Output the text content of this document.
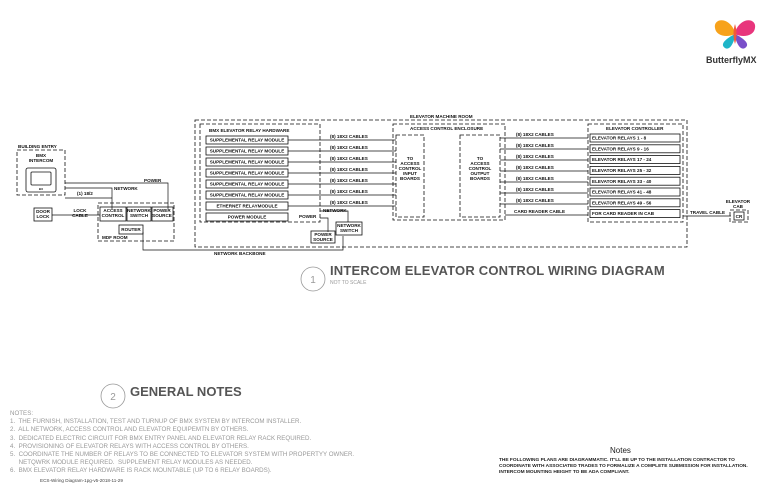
BUILDING ENTRY
BMX INTERCOM
BX
DOOR LOCK
LOCK CABLE
(1) 18/2
NETWORK
POWER
ACCESS CONTROL
NETWORK SWITCH
POWER SOURCE
ROUTER
MDF ROOM
NETWORK BACKBONE
ELEVATOR MACHINE ROOM
BMX ELEVATOR RELAY HARDWARE
SUPPLEMENTAL RELAY MODULE
SUPPLEMENTAL RELAY MODULE
SUPPLEMENTAL RELAY MODULE
SUPPLEMENTAL RELAY MODULE
SUPPLEMENTAL RELAY MODULE
SUPPLEMENTAL RELAY MODULE
ETHERNET RELAYMODULE
POWER MODULE
(8) 18X2 CABLES
(8) 18X2 CABLES
(8) 18X2 CABLES
(8) 18X2 CABLES
(8) 18X2 CABLES
(8) 18X2 CABLES
(8) 18X2 CABLES
ACCESS CONTROL ENCLOSURE
TO ACCESS CONTROL INPUT BOARDS
TO ACCESS CONTROL OUTPUT BOARDS
(8) 18X2 CABLES
(8) 18X2 CABLES
(8) 18X2 CABLES
(8) 18X2 CABLES
(8) 18X2 CABLES
(8) 18X2 CABLES
(8) 18X2 CABLES
CARD READER CABLE
ELEVATOR CONTROLLER
ELEVATOR RELAYS 1 - 8
ELEVATOR RELAYS 9 - 16
ELEVATOR RELAYS 17 - 24
ELEVATOR RELAYS 25 - 32
ELEVATOR RELAYS 33 - 40
ELEVATOR RELAYS 41 - 48
ELEVATOR RELAYS 49 - 56
FOR CARD READER IN CAB
POWER
NETWORK
POWER SOURCE
NETWORK SWITCH
TRAVEL CABLE
ELEVATOR CAB
CR
1
2
ButterflyMX
INTERCOM ELEVATOR CONTROL WIRING DIAGRAM
NOT TO SCALE
GENERAL NOTES
NOTES:
1.  THE FURNISH, INSTALLATION, TEST AND TURNUP OF BMX SYSTEM BY INTERCOM INSTALLER.
2.  ALL NETWORK, ACCESS CONTROL AND ELEVATOR EQUIPEMTN BY OTHERS.
3.  DEDICATED ELECTRIC CIRCUIT FOR BMX ENTRY PANEL AND ELEVATOR RELAY RACK REQUIRED.
4.  PROVISIONING OF ELEVATOR RELAYS WITH ACCESS CONTROL BY OTHERS.
5.  COORDINATE THE NUMBER OF RELAYS TO BE CONNECTED TO ELEVATOR SYSTEM WITH PROPERTYY OWNER.
NETQWRK MODULE REQUIRED.  SUPPLEMENT RELAY MODULES AS NEEDED.
6.  BMX ELEVATOR RELAY HARDWARE IS RACK MOUNTABLE (UP TO 6 RELAY BOARDS).
Notes
THE FOLLOWING PLANS ARE DIAGRAMMATIC. IT'LL BE UP TO THE INSTALLATION CONTRACTOR TO COORDINATE WITH ASSOCIATED TRADES TO FORMALIZE A COMPLETE SUBMISSION FOR INSTALLATION. INTERCOM MOUNTING HEIGHT TO BE ADA COMPLIANT.
ECS-Wiring Diagram-1pg-v5-2018-11-29
